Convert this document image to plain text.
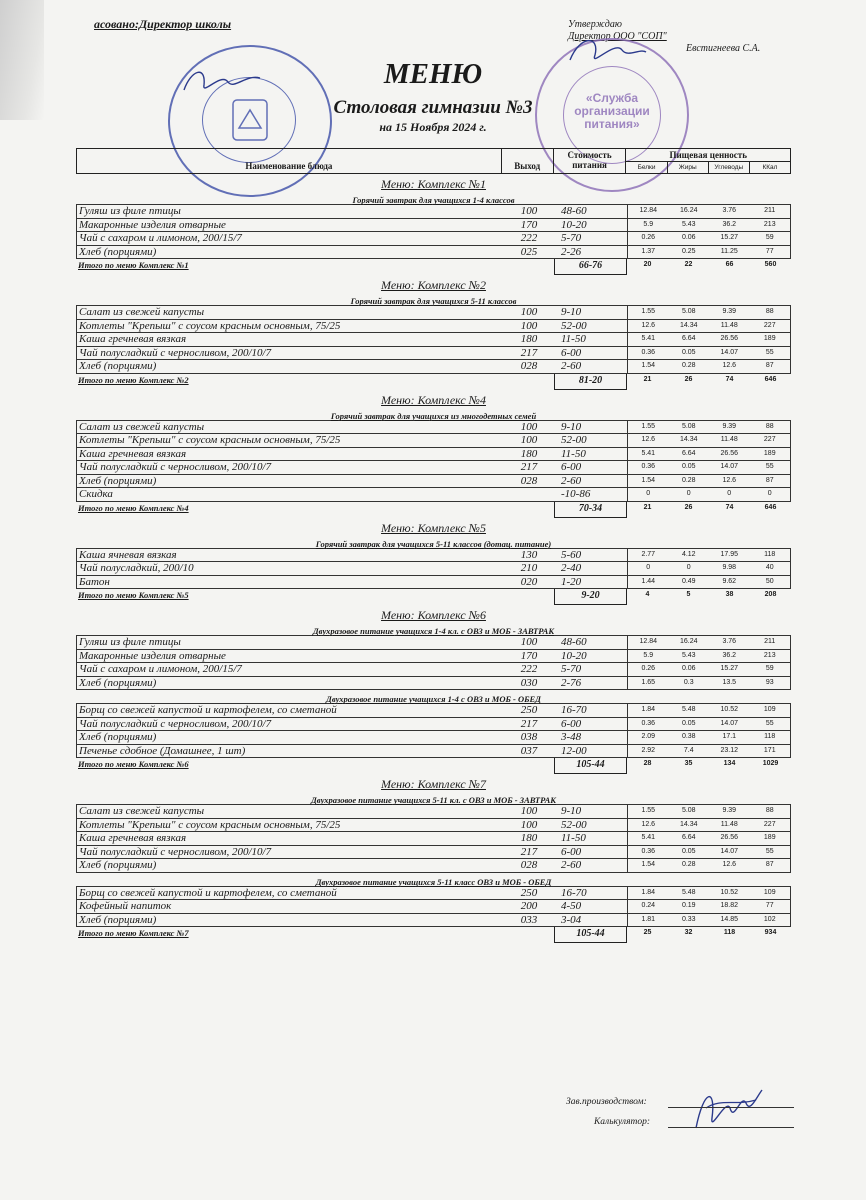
асовано:Директор школы	Утверждаю
Директор ООО "СОП"
Евстигнеева С.А.
«Служба организации питания»
МЕНЮ
Столовая гимназии №3
на 15 Ноября 2024 г.
Наименование блюда	Выход
Стоимость питания
Пищевая ценность
Белки	Жиры	Углеводы	ККал
Меню: Комплекс №1
Горячий завтрак для учащихся 1-4 классов
Гуляш из филе птицы	100	48-60	12.84	16.24	3.76	211
Макаронные изделия отварные	170	10-20	5.9	5.43	36.2	213
Чай с сахаром и лимоном, 200/15/7	222	5-70	0.26	0.06	15.27	59
Хлеб (порциями)	025	2-26	1.37	0.25	11.25	77
Итого по меню Комплекс №1	66-76	20	22	66	560
Меню: Комплекс №2
Горячий завтрак для учащихся 5-11 классов
Салат из свежей капусты	100	9-10	1.55	5.08	9.39	88
Котлеты "Крепыш" с соусом красным основным, 75/25	100	52-00	12.6	14.34	11.48	227
Каша гречневая вязкая	180	11-50	5.41	6.64	26.56	189
Чай полусладкий с черносливом, 200/10/7	217	6-00	0.36	0.05	14.07	55
Хлеб (порциями)	028	2-60	1.54	0.28	12.6	87
Итого по меню Комплекс №2	81-20	21	26	74	646
Меню: Комплекс №4
Горячий завтрак для учащихся из многодетных семей
Салат из свежей капусты	100	9-10	1.55	5.08	9.39	88
Котлеты "Крепыш" с соусом красным основным, 75/25	100	52-00	12.6	14.34	11.48	227
Каша гречневая вязкая	180	11-50	5.41	6.64	26.56	189
Чай полусладкий с черносливом, 200/10/7	217	6-00	0.36	0.05	14.07	55
Хлеб (порциями)	028	2-60	1.54	0.28	12.6	87
Скидка	-10-86	0	0	0	0
Итого по меню Комплекс №4	70-34	21	26	74	646
Меню: Комплекс №5
Горячий завтрак для учащихся 5-11 классов (дотац. питание)
Каша ячневая вязкая	130	5-60	2.77	4.12	17.95	118
Чай полусладкий, 200/10	210	2-40	0	0	9.98	40
Батон	020	1-20	1.44	0.49	9.62	50
Итого по меню Комплекс №5	9-20	4	5	38	208
Меню: Комплекс №6
Двухразовое питание учащихся 1-4 кл. с ОВЗ и МОБ - ЗАВТРАК
Гуляш из филе птицы	100	48-60	12.84	16.24	3.76	211
Макаронные изделия отварные	170	10-20	5.9	5.43	36.2	213
Чай с сахаром и лимоном, 200/15/7	222	5-70	0.26	0.06	15.27	59
Хлеб (порциями)	030	2-76	1.65	0.3	13.5	93
Двухразовое питание учащихся 1-4 с ОВЗ и МОБ - ОБЕД
Борщ со свежей капустой и картофелем, со сметаной	250	16-70	1.84	5.48	10.52	109
Чай полусладкий с черносливом, 200/10/7	217	6-00	0.36	0.05	14.07	55
Хлеб (порциями)	038	3-48	2.09	0.38	17.1	118
Печенье сдобное (Домашнее, 1 шт)	037	12-00	2.92	7.4	23.12	171
Итого по меню Комплекс №6	105-44	28	35	134	1029
Меню: Комплекс №7
Двухразовое питание учащихся 5-11 кл. с ОВЗ и МОБ - ЗАВТРАК
Салат из свежей капусты	100	9-10	1.55	5.08	9.39	88
Котлеты "Крепыш" с соусом красным основным, 75/25	100	52-00	12.6	14.34	11.48	227
Каша гречневая вязкая	180	11-50	5.41	6.64	26.56	189
Чай полусладкий с черносливом, 200/10/7	217	6-00	0.36	0.05	14.07	55
Хлеб (порциями)	028	2-60	1.54	0.28	12.6	87
Двухразовое питание учащихся 5-11 класс ОВЗ и МОБ - ОБЕД
Борщ со свежей капустой и картофелем, со сметаной	250	16-70	1.84	5.48	10.52	109
Кофейный напиток	200	4-50	0.24	0.19	18.82	77
Хлеб (порциями)	033	3-04	1.81	0.33	14.85	102
Итого по меню Комплекс №7	105-44	25	32	118	934
Зав.производством:
Калькулятор:
